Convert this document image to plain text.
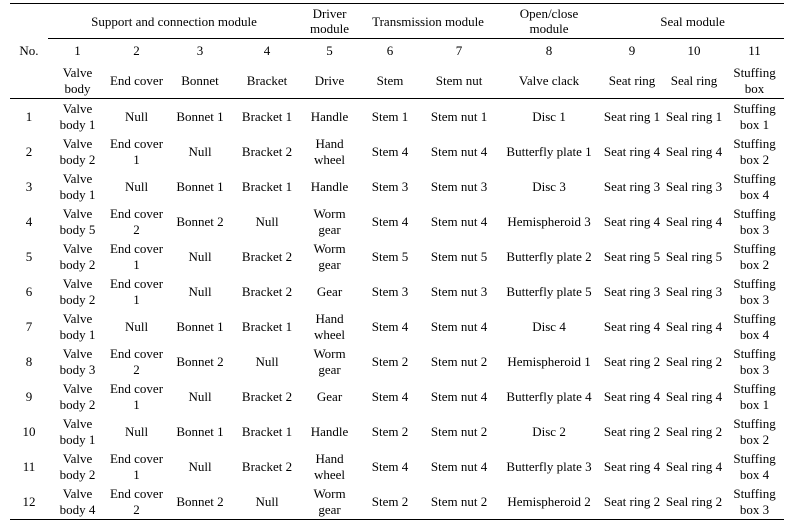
	Support and connection module				Driver module	Transmission module		Open/close module	Seal module		
No.	1	2	3	4	5	6	7	8	9	10	11
	Valve body	End cover	Bonnet	Bracket	Drive	Stem	Stem nut	Valve clack	Seat ring	Seal ring	Stuffing box
1	Valve body 1	Null	Bonnet 1	Bracket 1	Handle	Stem 1	Stem nut 1	Disc 1	Seat ring 1	Seal ring 1	Stuffing box 1
2	Valve body 2	End cover 1	Null	Bracket 2	Hand wheel	Stem 4	Stem nut 4	Butterfly plate 1	Seat ring 4	Seal ring 4	Stuffing box 2
3	Valve body 1	Null	Bonnet 1	Bracket 1	Handle	Stem 3	Stem nut 3	Disc 3	Seat ring 3	Seal ring 3	Stuffing box 4
4	Valve body 5	End cover 2	Bonnet 2	Null	Worm gear	Stem 4	Stem nut 4	Hemispheroid 3	Seat ring 4	Seal ring 4	Stuffing box 3
5	Valve body 2	End cover 1	Null	Bracket 2	Worm gear	Stem 5	Stem nut 5	Butterfly plate 2	Seat ring 5	Seal ring 5	Stuffing box 2
6	Valve body 2	End cover 1	Null	Bracket 2	Gear	Stem 3	Stem nut 3	Butterfly plate 5	Seat ring 3	Seal ring 3	Stuffing box 3
7	Valve body 1	Null	Bonnet 1	Bracket 1	Hand wheel	Stem 4	Stem nut 4	Disc 4	Seat ring 4	Seal ring 4	Stuffing box 4
8	Valve body 3	End cover 2	Bonnet 2	Null	Worm gear	Stem 2	Stem nut 2	Hemispheroid 1	Seat ring 2	Seal ring 2	Stuffing box 3
9	Valve body 2	End cover 1	Null	Bracket 2	Gear	Stem 4	Stem nut 4	Butterfly plate 4	Seat ring 4	Seal ring 4	Stuffing box 1
10	Valve body 1	Null	Bonnet 1	Bracket 1	Handle	Stem 2	Stem nut 2	Disc 2	Seat ring 2	Seal ring 2	Stuffing box 2
11	Valve body 2	End cover 1	Null	Bracket 2	Hand wheel	Stem 4	Stem nut 4	Butterfly plate 3	Seat ring 4	Seal ring 4	Stuffing box 4
12	Valve body 4	End cover 2	Bonnet 2	Null	Worm gear	Stem 2	Stem nut 2	Hemispheroid 2	Seat ring 2	Seal ring 2	Stuffing box 3
